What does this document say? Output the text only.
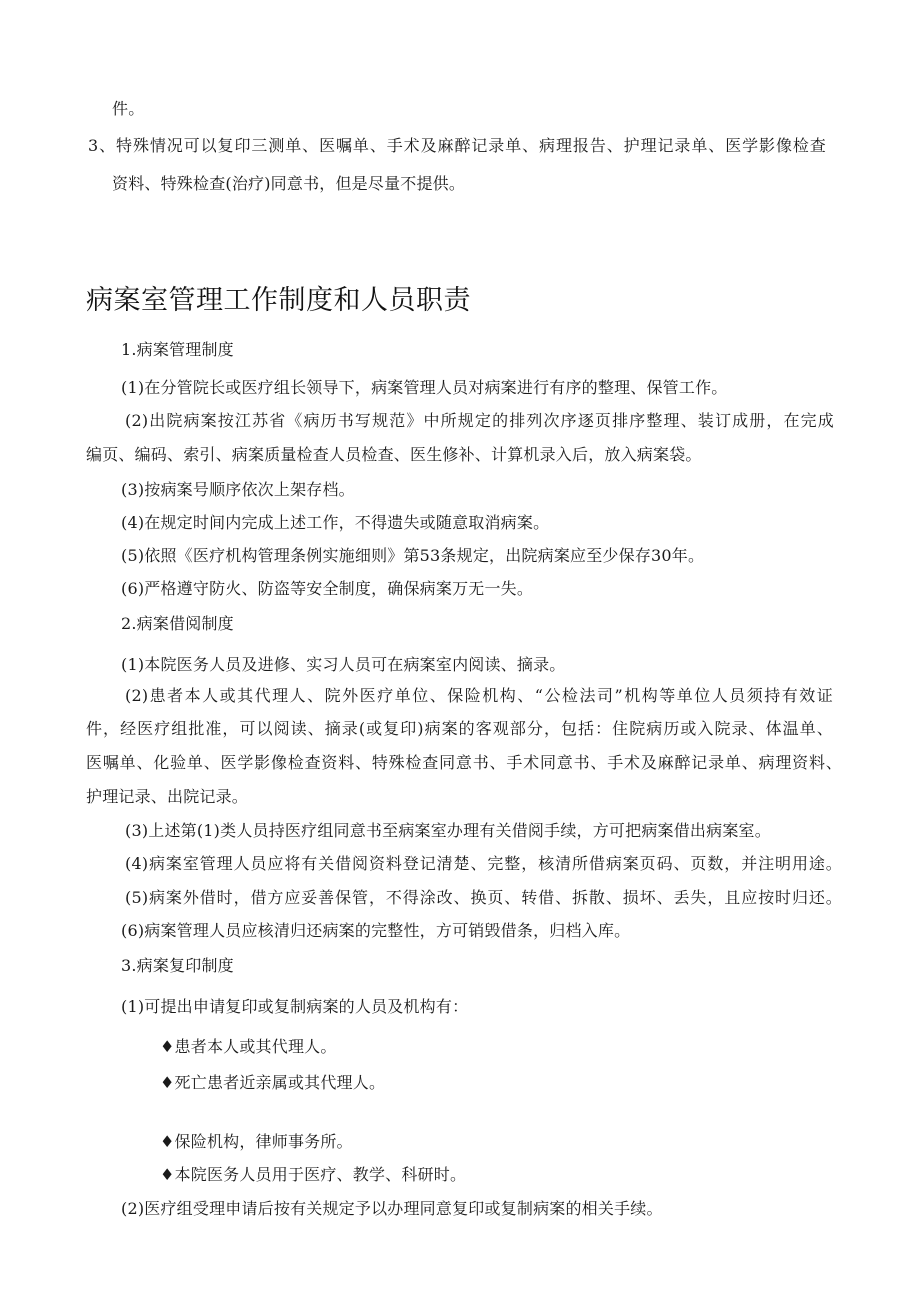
件。
3、特殊情况可以复印三测单、医嘱单、手术及麻醉记录单、病理报告、护理记录单、医学影像检查
资料、特殊检查(治疗)同意书，但是尽量不提供。
病案室管理工作制度和人员职责
1.病案管理制度
(1)在分管院长或医疗组长领导下，病案管理人员对病案进行有序的整理、保管工作。
(2)出院病案按江苏省《病历书写规范》中所规定的排列次序逐页排序整理、装订成册，在完成
编页、编码、索引、病案质量检查人员检查、医生修补、计算机录入后，放入病案袋。
(3)按病案号顺序依次上架存档。
(4)在规定时间内完成上述工作，不得遗失或随意取消病案。
(5)依照《医疗机构管理条例实施细则》第53条规定，出院病案应至少保存30年。
(6)严格遵守防火、防盗等安全制度，确保病案万无一失。
2.病案借阅制度
(1)本院医务人员及进修、实习人员可在病案室内阅读、摘录。
(2)患者本人或其代理人、院外医疗单位、保险机构、“公检法司”机构等单位人员须持有效证
件，经医疗组批准，可以阅读、摘录(或复印)病案的客观部分，包括：住院病历或入院录、体温单、
医嘱单、化验单、医学影像检查资料、特殊检查同意书、手术同意书、手术及麻醉记录单、病理资料、
护理记录、出院记录。
(3)上述第(1)类人员持医疗组同意书至病案室办理有关借阅手续，方可把病案借出病案室。
(4)病案室管理人员应将有关借阅资料登记清楚、完整，核清所借病案页码、页数，并注明用途。
(5)病案外借时，借方应妥善保管，不得涂改、换页、转借、拆散、损坏、丢失，且应按时归还。
(6)病案管理人员应核清归还病案的完整性，方可销毁借条，归档入库。
3.病案复印制度
(1)可提出申请复印或复制病案的人员及机构有：
♦患者本人或其代理人。
♦死亡患者近亲属或其代理人。
♦保险机构，律师事务所。
♦本院医务人员用于医疗、教学、科研时。
(2)医疗组受理申请后按有关规定予以办理同意复印或复制病案的相关手续。
